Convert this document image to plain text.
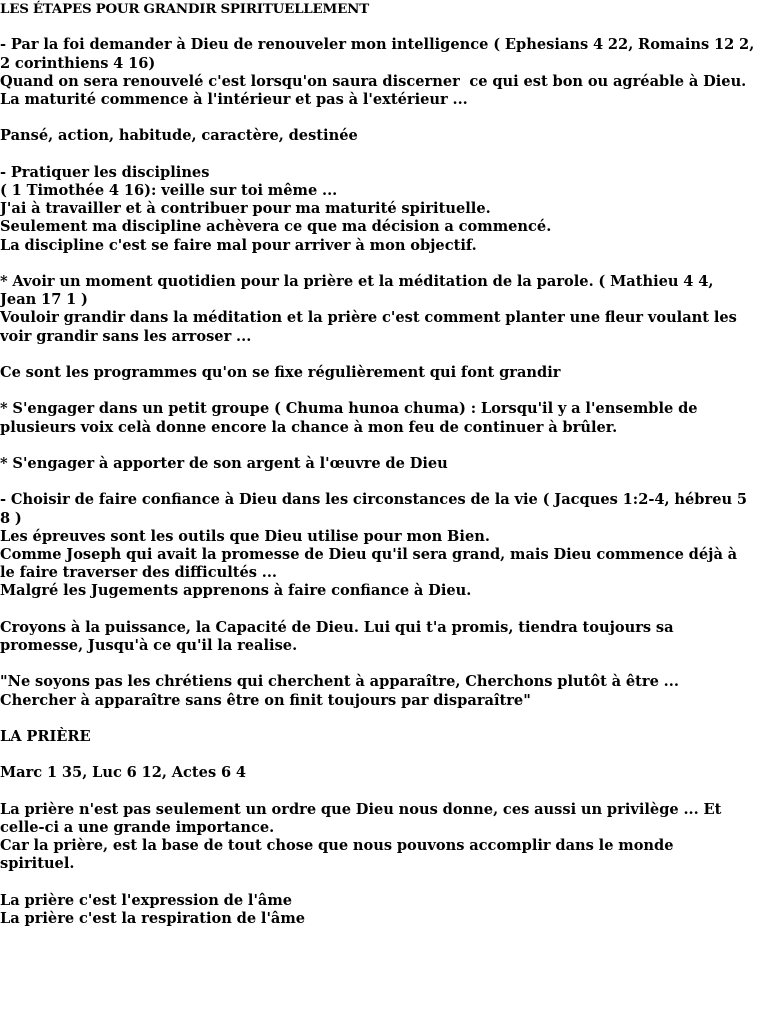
LES ÉTAPES POUR GRANDIR SPIRITUELLEMENT
- Par la foi demander à Dieu de renouveler mon intelligence ( Ephesians 4 22, Romains 12 2,
2 corinthiens 4 16)
Quand on sera renouvelé c'est lorsqu'on saura discerner  ce qui est bon ou agréable à Dieu.
La maturité commence à l'intérieur et pas à l'extérieur ...
Pansé, action, habitude, caractère, destinée
- Pratiquer les disciplines
( 1 Timothée 4 16): veille sur toi même ...
J'ai à travailler et à contribuer pour ma maturité spirituelle.
Seulement ma discipline achèvera ce que ma décision a commencé.
La discipline c'est se faire mal pour arriver à mon objectif.
* Avoir un moment quotidien pour la prière et la méditation de la parole. ( Mathieu 4 4,
Jean 17 1 )
Vouloir grandir dans la méditation et la prière c'est comment planter une fleur voulant les
voir grandir sans les arroser ...
Ce sont les programmes qu'on se fixe régulièrement qui font grandir
* S'engager dans un petit groupe ( Chuma hunoa chuma) : Lorsqu'il y a l'ensemble de
plusieurs voix celà donne encore la chance à mon feu de continuer à brûler.
* S'engager à apporter de son argent à l'œuvre de Dieu
- Choisir de faire confiance à Dieu dans les circonstances de la vie ( Jacques 1:2-4, hébreu 5
8 )
Les épreuves sont les outils que Dieu utilise pour mon Bien.
Comme Joseph qui avait la promesse de Dieu qu'il sera grand, mais Dieu commence déjà à
le faire traverser des difficultés ...
Malgré les Jugements apprenons à faire confiance à Dieu.
Croyons à la puissance, la Capacité de Dieu. Lui qui t'a promis, tiendra toujours sa
promesse, Jusqu'à ce qu'il la realise.
"Ne soyons pas les chrétiens qui cherchent à apparaître, Cherchons plutôt à être ...
Chercher à apparaître sans être on finit toujours par disparaître"
LA PRIÈRE
Marc 1 35, Luc 6 12, Actes 6 4
La prière n'est pas seulement un ordre que Dieu nous donne, ces aussi un privilège ... Et
celle-ci a une grande importance.
Car la prière, est la base de tout chose que nous pouvons accomplir dans le monde
spirituel.
La prière c'est l'expression de l'âme
La prière c'est la respiration de l'âme
